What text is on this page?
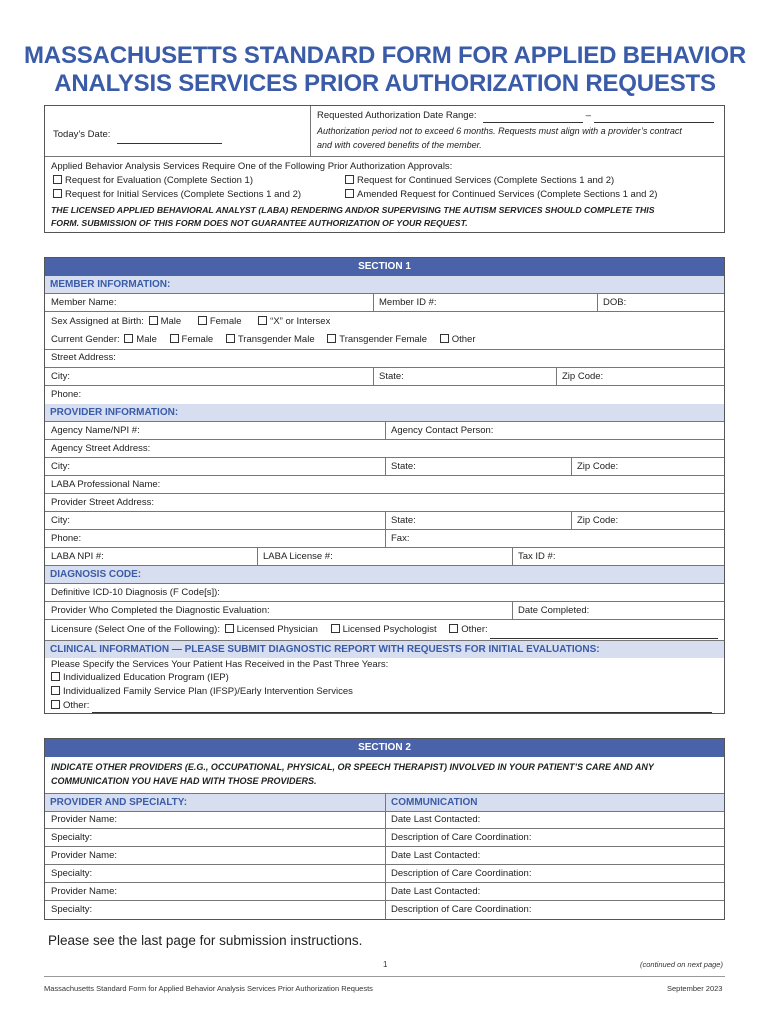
MASSACHUSETTS STANDARD FORM FOR APPLIED BEHAVIOR
ANALYSIS SERVICES PRIOR AUTHORIZATION REQUESTS
Today’s Date:
Requested Authorization Date Range:	–
Authorization period not to exceed 6 months. Requests must align with a provider’s contract
and with covered benefits of the member.
Applied Behavior Analysis Services Require One of the Following Prior Authorization Approvals:
Request for Evaluation (Complete Section 1)	Request for Continued Services (Complete Sections 1 and 2)
Request for Initial Services (Complete Sections 1 and 2)	Amended Request for Continued Services (Complete Sections 1 and 2)
THE LICENSED APPLIED BEHAVIORAL ANALYST (LABA) RENDERING AND/OR SUPERVISING THE AUTISM SERVICES SHOULD COMPLETE THIS
FORM. SUBMISSION OF THIS FORM DOES NOT GUARANTEE AUTHORIZATION OF YOUR REQUEST.
SECTION 1
MEMBER INFORMATION:
Member Name:	Member ID #:	DOB:
Sex Assigned at Birth: Male	Female	“X” or Intersex
Current Gender: Male	Female	Transgender Male	Transgender Female	Other
Street Address:
City:	State:	Zip Code:
Phone:
PROVIDER INFORMATION:
Agency Name/NPI #:	Agency Contact Person:
Agency Street Address:
City:	State:	Zip Code:
LABA Professional Name:
Provider Street Address:
City:	State:	Zip Code:
Phone:	Fax:
LABA NPI #:	LABA License #:	Tax ID #:
DIAGNOSIS CODE:
Definitive ICD-10 Diagnosis (F Code[s]):
Provider Who Completed the Diagnostic Evaluation:	Date Completed:
Licensure (Select One of the Following): Licensed Physician	Licensed Psychologist	Other:
CLINICAL INFORMATION — PLEASE SUBMIT DIAGNOSTIC REPORT WITH REQUESTS FOR INITIAL EVALUATIONS:
Please Specify the Services Your Patient Has Received in the Past Three Years:
Individualized Education Program (IEP)
Individualized Family Service Plan (IFSP)/Early Intervention Services
Other:
SECTION 2
INDICATE OTHER PROVIDERS (E.G., OCCUPATIONAL, PHYSICAL, OR SPEECH THERAPIST) INVOLVED IN YOUR PATIENT’S CARE AND ANY
COMMUNICATION YOU HAVE HAD WITH THOSE PROVIDERS.
PROVIDER AND SPECIALTY:	COMMUNICATION
Provider Name:	Date Last Contacted:
Specialty:	Description of Care Coordination:
Provider Name:	Date Last Contacted:
Specialty:	Description of Care Coordination:
Provider Name:	Date Last Contacted:
Specialty:	Description of Care Coordination:
Please see the last page for submission instructions.
1	(continued on next page)
Massachusetts Standard Form for Applied Behavior Analysis Services Prior Authorization Requests	September 2023
